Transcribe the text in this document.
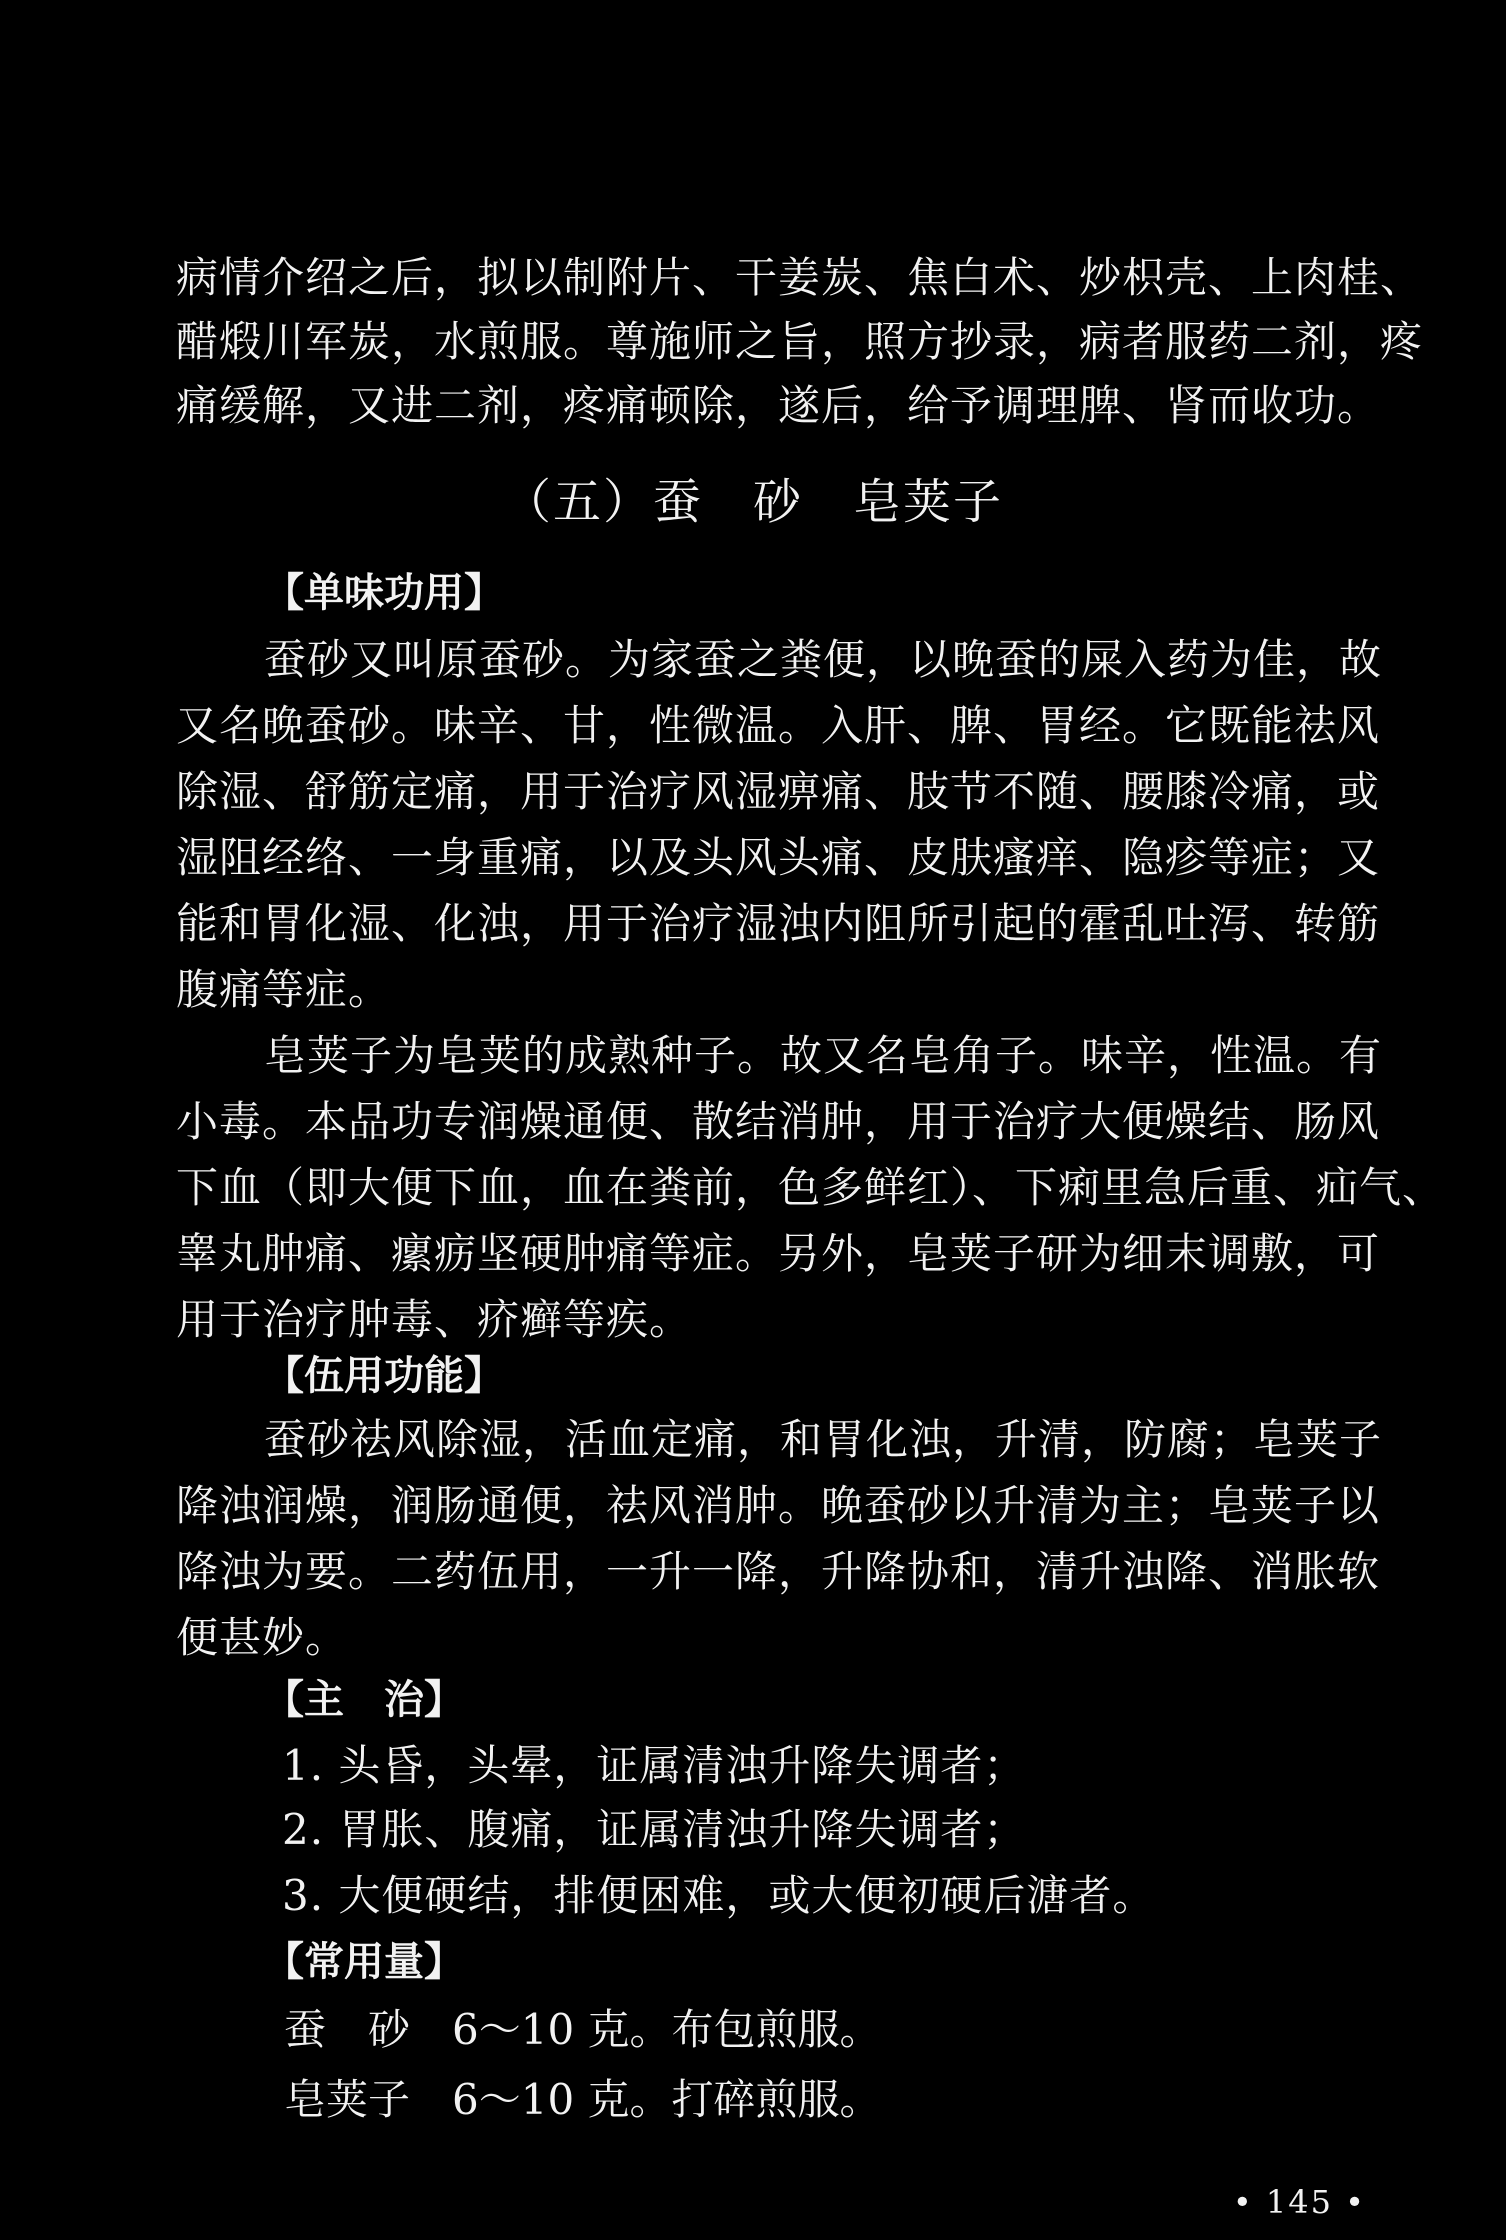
病情介绍之后，拟以制附片、干姜炭、焦白术、炒枳壳、上肉桂、
醋煅川军炭，水煎服。尊施师之旨，照方抄录，病者服药二剂，疼
痛缓解，又进二剂，疼痛顿除，遂后，给予调理脾、肾而收功。
（五）蚕　砂　皂荚子
【单味功用】
蚕砂又叫原蚕砂。为家蚕之粪便，以晚蚕的屎入药为佳，故
又名晚蚕砂。味辛、甘，性微温。入肝、脾、胃经。它既能祛风
除湿、舒筋定痛，用于治疗风湿痹痛、肢节不随、腰膝冷痛，或
湿阻经络、一身重痛，以及头风头痛、皮肤瘙痒、隐疹等症；又
能和胃化湿、化浊，用于治疗湿浊内阻所引起的霍乱吐泻、转筋
腹痛等症。
皂荚子为皂荚的成熟种子。故又名皂角子。味辛，性温。有
小毒。本品功专润燥通便、散结消肿，用于治疗大便燥结、肠风
下血（即大便下血，血在粪前，色多鲜红）、下痢里急后重、疝气、
睾丸肿痛、瘰疬坚硬肿痛等症。另外，皂荚子研为细末调敷，可
用于治疗肿毒、疥癣等疾。
【伍用功能】
蚕砂祛风除湿，活血定痛，和胃化浊，升清，防腐；皂荚子
降浊润燥，润肠通便，祛风消肿。晚蚕砂以升清为主；皂荚子以
降浊为要。二药伍用，一升一降，升降协和，清升浊降、消胀软
便甚妙。
【主　治】
1. 头昏，头晕，证属清浊升降失调者；
2. 胃胀、腹痛，证属清浊升降失调者；
3. 大便硬结，排便困难，或大便初硬后溏者。
【常用量】
蚕　砂　6～10 克。布包煎服。
皂荚子　6～10 克。打碎煎服。
• 145 •
